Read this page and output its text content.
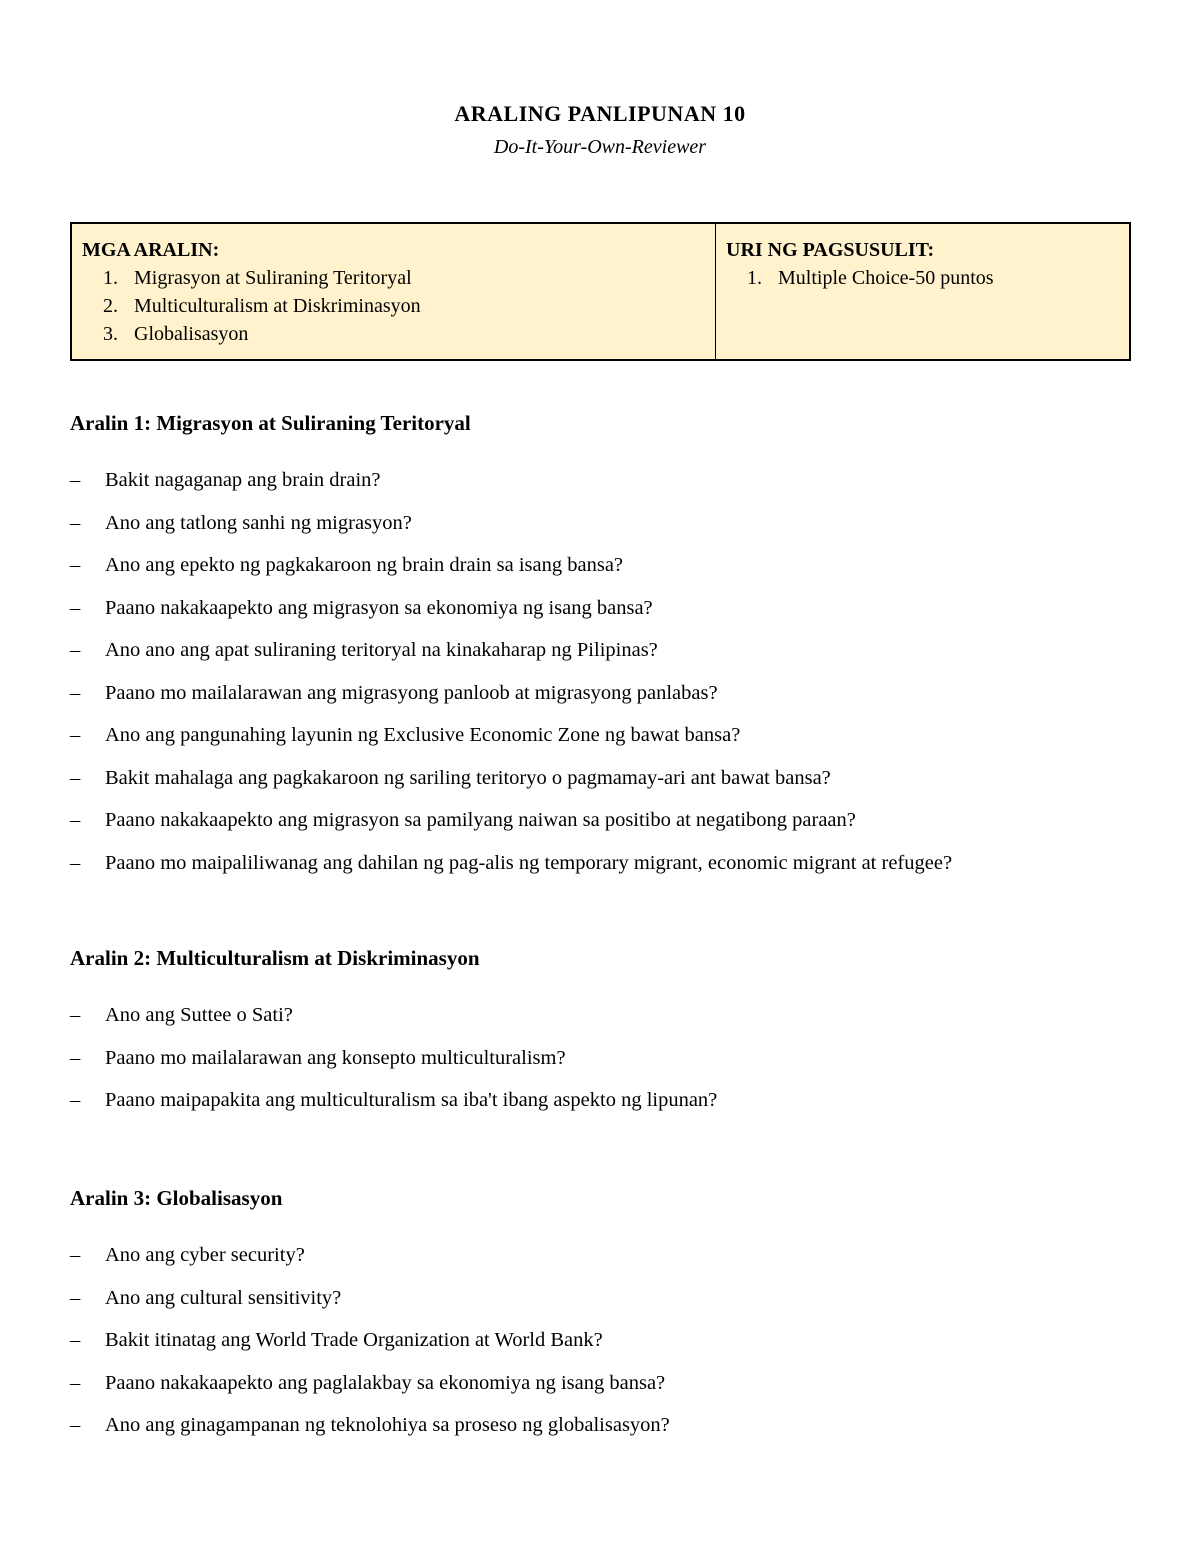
ARALING PANLIPUNAN 10

Do-It-Your-Own-Reviewer

MGA ARALIN:

1. Migrasyon at Suliraning Teritoryal
2. Multiculturalism at Diskriminasyon
3. Globalisasyon

URI NG PAGSUSULIT:

1. Multiple Choice-50 puntos
Aralin 1: Migrasyon at Suliraning Teritoryal
–	Bakit nagaganap ang brain drain?
–	Ano ang tatlong sanhi ng migrasyon?
–	Ano ang epekto ng pagkakaroon ng brain drain sa isang bansa?
–	Paano nakakaapekto ang migrasyon sa ekonomiya ng isang bansa?
–	Ano ano ang apat suliraning teritoryal na kinakaharap ng Pilipinas?
–	Paano mo mailalarawan ang migrasyong panloob at migrasyong panlabas?
–	Ano ang pangunahing layunin ng Exclusive Economic Zone ng bawat bansa?
–	Bakit mahalaga ang pagkakaroon ng sariling teritoryo o pagmamay-ari ant bawat bansa?
–	Paano nakakaapekto ang migrasyon sa pamilyang naiwan sa positibo at negatibong paraan?
–	Paano mo maipaliliwanag ang dahilan ng pag-alis ng temporary migrant, economic migrant at refugee?
Aralin 2: Multiculturalism at Diskriminasyon
–	Ano ang Suttee o Sati?
–	Paano mo mailalarawan ang konsepto multiculturalism?
–	Paano maipapakita ang multiculturalism sa iba't ibang aspekto ng lipunan?
Aralin 3: Globalisasyon
–	Ano ang cyber security?
–	Ano ang cultural sensitivity?
–	Bakit itinatag ang World Trade Organization at World Bank?
–	Paano nakakaapekto ang paglalakbay sa ekonomiya ng isang bansa?
–	Ano ang ginagampanan ng teknolohiya sa proseso ng globalisasyon?
